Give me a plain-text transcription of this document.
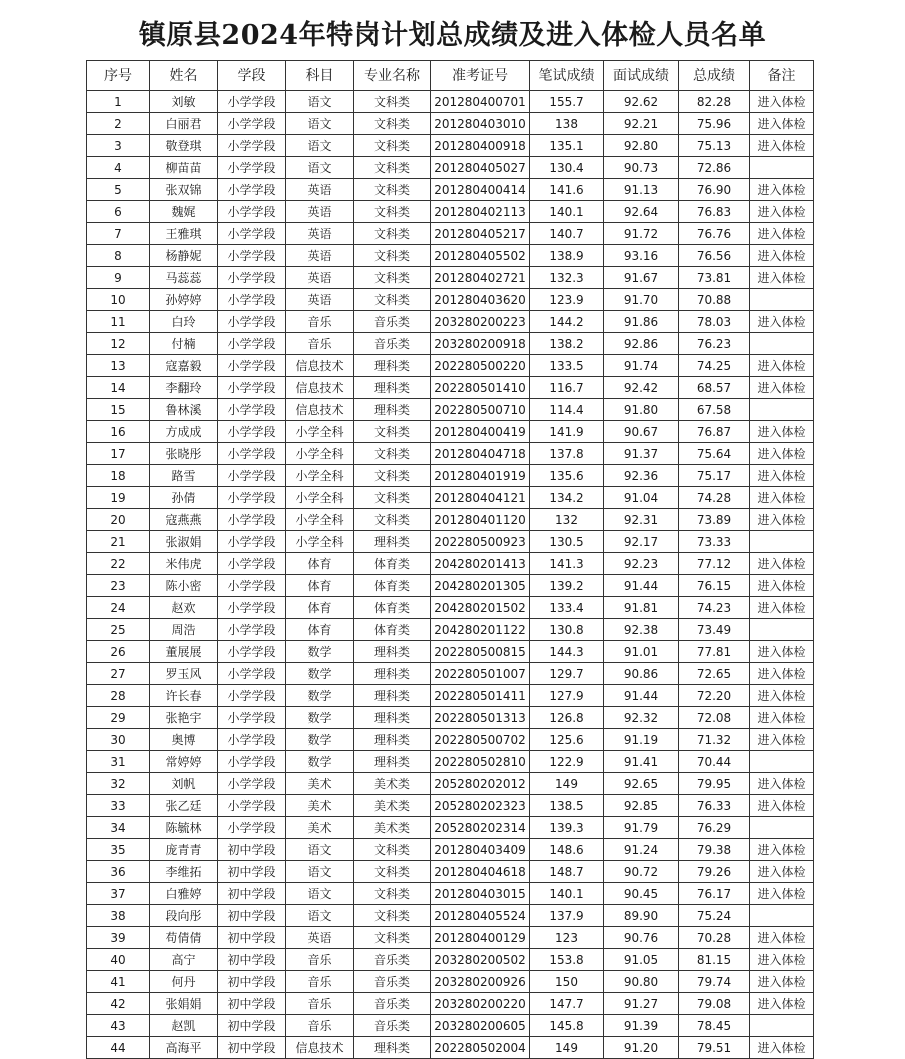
镇原县2024年特岗计划总成绩及进入体检人员名单
序号	姓名	学段	科目	专业名称	准考证号	笔试成绩	面试成绩	总成绩	备注
1	刘敏	小学学段	语文	文科类	201280400701	155.7	92.62	82.28	进入体检
2	白丽君	小学学段	语文	文科类	201280403010	138	92.21	75.96	进入体检
3	敬登琪	小学学段	语文	文科类	201280400918	135.1	92.80	75.13	进入体检
4	柳苗苗	小学学段	语文	文科类	201280405027	130.4	90.73	72.86	
5	张双锦	小学学段	英语	文科类	201280400414	141.6	91.13	76.90	进入体检
6	魏娓	小学学段	英语	文科类	201280402113	140.1	92.64	76.83	进入体检
7	王雅琪	小学学段	英语	文科类	201280405217	140.7	91.72	76.76	进入体检
8	杨静妮	小学学段	英语	文科类	201280405502	138.9	93.16	76.56	进入体检
9	马蕊蕊	小学学段	英语	文科类	201280402721	132.3	91.67	73.81	进入体检
10	孙婷婷	小学学段	英语	文科类	201280403620	123.9	91.70	70.88	
11	白玲	小学学段	音乐	音乐类	203280200223	144.2	91.86	78.03	进入体检
12	付楠	小学学段	音乐	音乐类	203280200918	138.2	92.86	76.23	
13	寇嘉毅	小学学段	信息技术	理科类	202280500220	133.5	91.74	74.25	进入体检
14	李翻玲	小学学段	信息技术	理科类	202280501410	116.7	92.42	68.57	进入体检
15	鲁林溪	小学学段	信息技术	理科类	202280500710	114.4	91.80	67.58	
16	方成成	小学学段	小学全科	文科类	201280400419	141.9	90.67	76.87	进入体检
17	张晓彤	小学学段	小学全科	文科类	201280404718	137.8	91.37	75.64	进入体检
18	路雪	小学学段	小学全科	文科类	201280401919	135.6	92.36	75.17	进入体检
19	孙倩	小学学段	小学全科	文科类	201280404121	134.2	91.04	74.28	进入体检
20	寇燕燕	小学学段	小学全科	文科类	201280401120	132	92.31	73.89	进入体检
21	张淑娟	小学学段	小学全科	理科类	202280500923	130.5	92.17	73.33	
22	米伟虎	小学学段	体育	体育类	204280201413	141.3	92.23	77.12	进入体检
23	陈小密	小学学段	体育	体育类	204280201305	139.2	91.44	76.15	进入体检
24	赵欢	小学学段	体育	体育类	204280201502	133.4	91.81	74.23	进入体检
25	周浩	小学学段	体育	体育类	204280201122	130.8	92.38	73.49	
26	董展展	小学学段	数学	理科类	202280500815	144.3	91.01	77.81	进入体检
27	罗玉风	小学学段	数学	理科类	202280501007	129.7	90.86	72.65	进入体检
28	许长春	小学学段	数学	理科类	202280501411	127.9	91.44	72.20	进入体检
29	张艳宇	小学学段	数学	理科类	202280501313	126.8	92.32	72.08	进入体检
30	奥博	小学学段	数学	理科类	202280500702	125.6	91.19	71.32	进入体检
31	常婷婷	小学学段	数学	理科类	202280502810	122.9	91.41	70.44	
32	刘帆	小学学段	美术	美术类	205280202012	149	92.65	79.95	进入体检
33	张乙廷	小学学段	美术	美术类	205280202323	138.5	92.85	76.33	进入体检
34	陈毓林	小学学段	美术	美术类	205280202314	139.3	91.79	76.29	
35	庞青青	初中学段	语文	文科类	201280403409	148.6	91.24	79.38	进入体检
36	李维拓	初中学段	语文	文科类	201280404618	148.7	90.72	79.26	进入体检
37	白雅婷	初中学段	语文	文科类	201280403015	140.1	90.45	76.17	进入体检
38	段向彤	初中学段	语文	文科类	201280405524	137.9	89.90	75.24	
39	苟倩倩	初中学段	英语	文科类	201280400129	123	90.76	70.28	进入体检
40	高宁	初中学段	音乐	音乐类	203280200502	153.8	91.05	81.15	进入体检
41	何丹	初中学段	音乐	音乐类	203280200926	150	90.80	79.74	进入体检
42	张娟娟	初中学段	音乐	音乐类	203280200220	147.7	91.27	79.08	进入体检
43	赵凯	初中学段	音乐	音乐类	203280200605	145.8	91.39	78.45	
44	高海平	初中学段	信息技术	理科类	202280502004	149	91.20	79.51	进入体检
